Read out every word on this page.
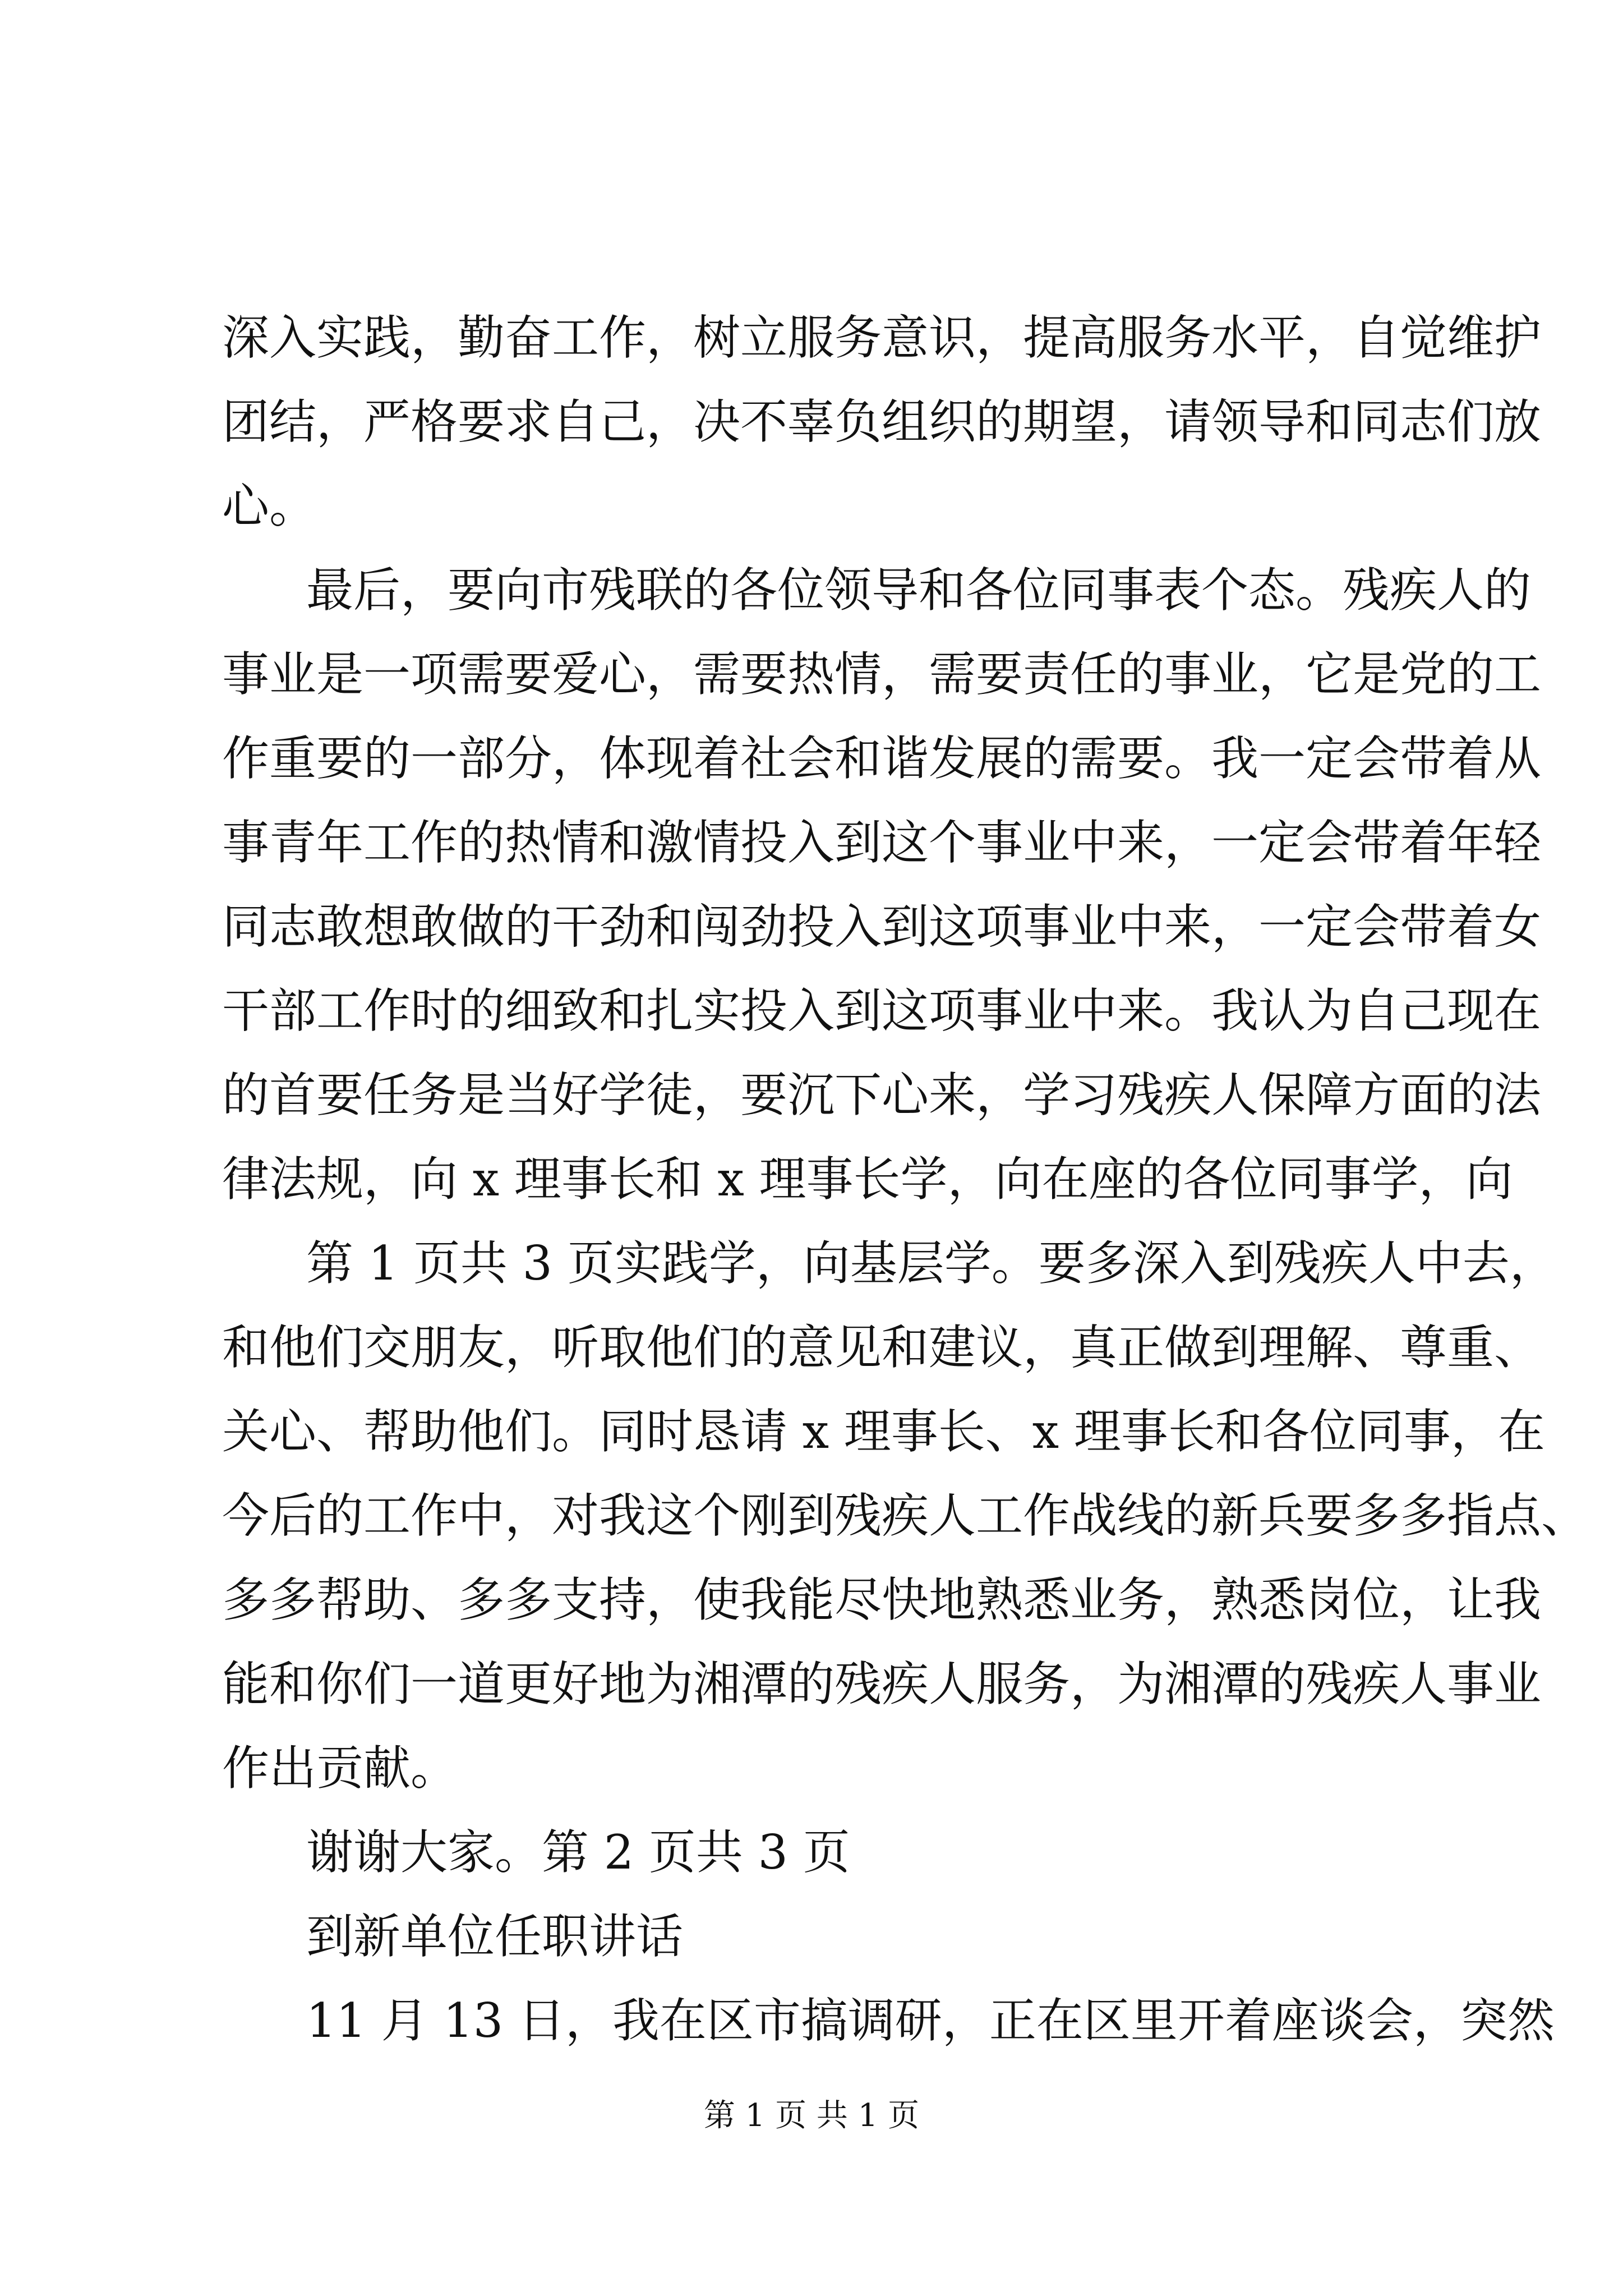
深入实践，勤奋工作，树立服务意识，提高服务水平，自觉维护

团结，严格要求自己，决不辜负组织的期望，请领导和同志们放

心。

最后，要向市残联的各位领导和各位同事表个态。残疾人的

事业是一项需要爱心，需要热情，需要责任的事业，它是党的工

作重要的一部分，体现着社会和谐发展的需要。我一定会带着从

事青年工作的热情和激情投入到这个事业中来，一定会带着年轻

同志敢想敢做的干劲和闯劲投入到这项事业中来，一定会带着女

干部工作时的细致和扎实投入到这项事业中来。我认为自己现在

的首要任务是当好学徒，要沉下心来，学习残疾人保障方面的法

律法规，向 x 理事长和 x 理事长学，向在座的各位同事学，向

第 1 页共 3 页实践学，向基层学。要多深入到残疾人中去，

和他们交朋友，听取他们的意见和建议，真正做到理解、尊重、

关心、帮助他们。同时恳请 x 理事长、x 理事长和各位同事，在

今后的工作中，对我这个刚到残疾人工作战线的新兵要多多指点、

多多帮助、多多支持，使我能尽快地熟悉业务，熟悉岗位，让我

能和你们一道更好地为湘潭的残疾人服务，为湘潭的残疾人事业

作出贡献。

谢谢大家。第 2 页共 3 页

到新单位任职讲话

11 月 13 日，我在区市搞调研，正在区里开着座谈会，突然

第 1 页 共 1 页
